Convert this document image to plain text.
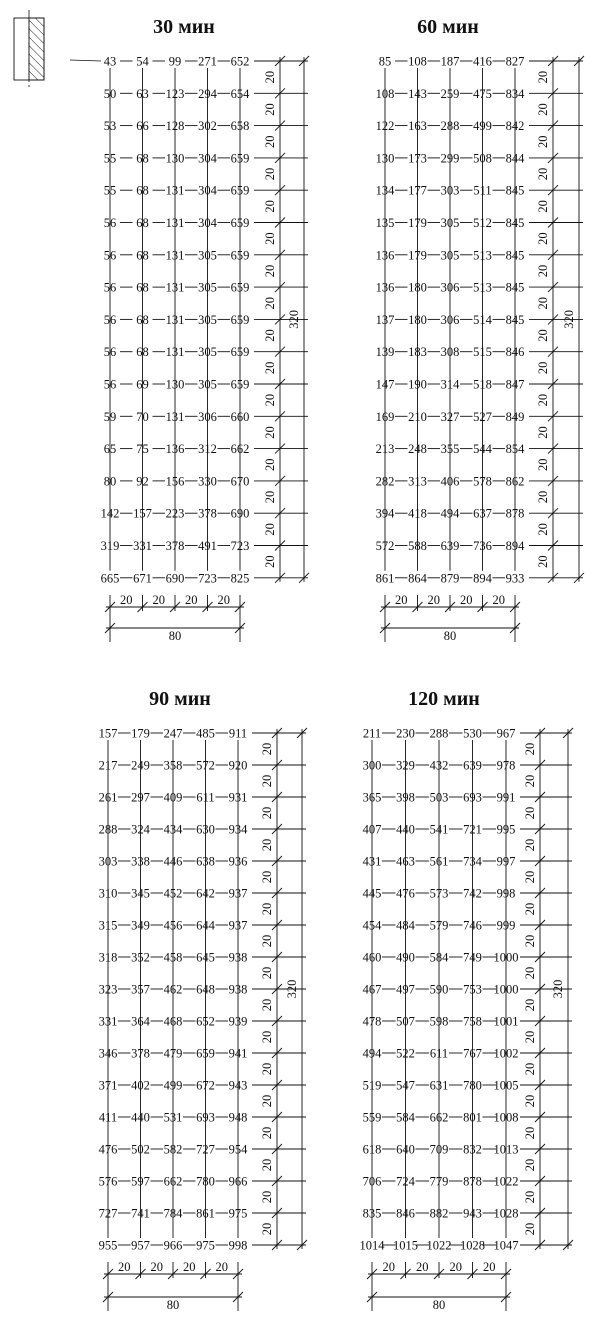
30 мин
43 54 99 271 652
50 63 123 294 654
53 66 128 302 658
55 68 130 304 659
55 68 131 304 659
56 68 131 304 659
56 68 131 305 659
56 68 131 305 659
56 68 131 305 659
56 68 131 305 659
56 69 130 305 659
59 70 131 306 660
65 75 136 312 662
80 92 156 330 670
142 157 223 378 690
319 331 378 491 723
665 671 690 723 825
20
20
20
20
20
20
20
20
20
20
20
20
20
20
20
20
320
20 20 20 20
80
60 мин
85 108 187 416 827
108 143 259 475 834
122 163 288 499 842
130 173 299 508 844
134 177 303 511 845
135 179 305 512 845
136 179 305 513 845
136 180 306 513 845
137 180 306 514 845
139 183 308 515 846
147 190 314 518 847
169 210 327 527 849
213 248 355 544 854
282 313 406 578 862
394 418 494 637 878
572 588 639 736 894
861 864 879 894 933
20
20
20
20
20
20
20
20
20
20
20
20
20
20
20
20
320
20 20 20 20
80
90 мин
157 179 247 485 911
217 249 358 572 920
261 297 409 611 931
288 324 434 630 934
303 338 446 638 936
310 345 452 642 937
315 349 456 644 937
318 352 458 645 938
323 357 462 648 938
331 364 468 652 939
346 378 479 659 941
371 402 499 672 943
411 440 531 693 948
476 502 582 727 954
576 597 662 780 966
727 741 784 861 975
955 957 966 975 998
20
20
20
20
20
20
20
20
20
20
20
20
20
20
20
20
320
20 20 20 20
80
120 мин
211 230 288 530 967
300 329 432 639 978
365 398 503 693 991
407 440 541 721 995
431 463 561 734 997
445 476 573 742 998
454 484 579 746 999
460 490 584 749 1000
467 497 590 753 1000
478 507 598 758 1001
494 522 611 767 1002
519 547 631 780 1005
559 584 662 801 1008
618 640 709 832 1013
706 724 779 878 1022
835 846 882 943 1028
1014 1015 1022 1028 1047
20
20
20
20
20
20
20
20
20
20
20
20
20
20
20
20
320
20 20 20 20
80
